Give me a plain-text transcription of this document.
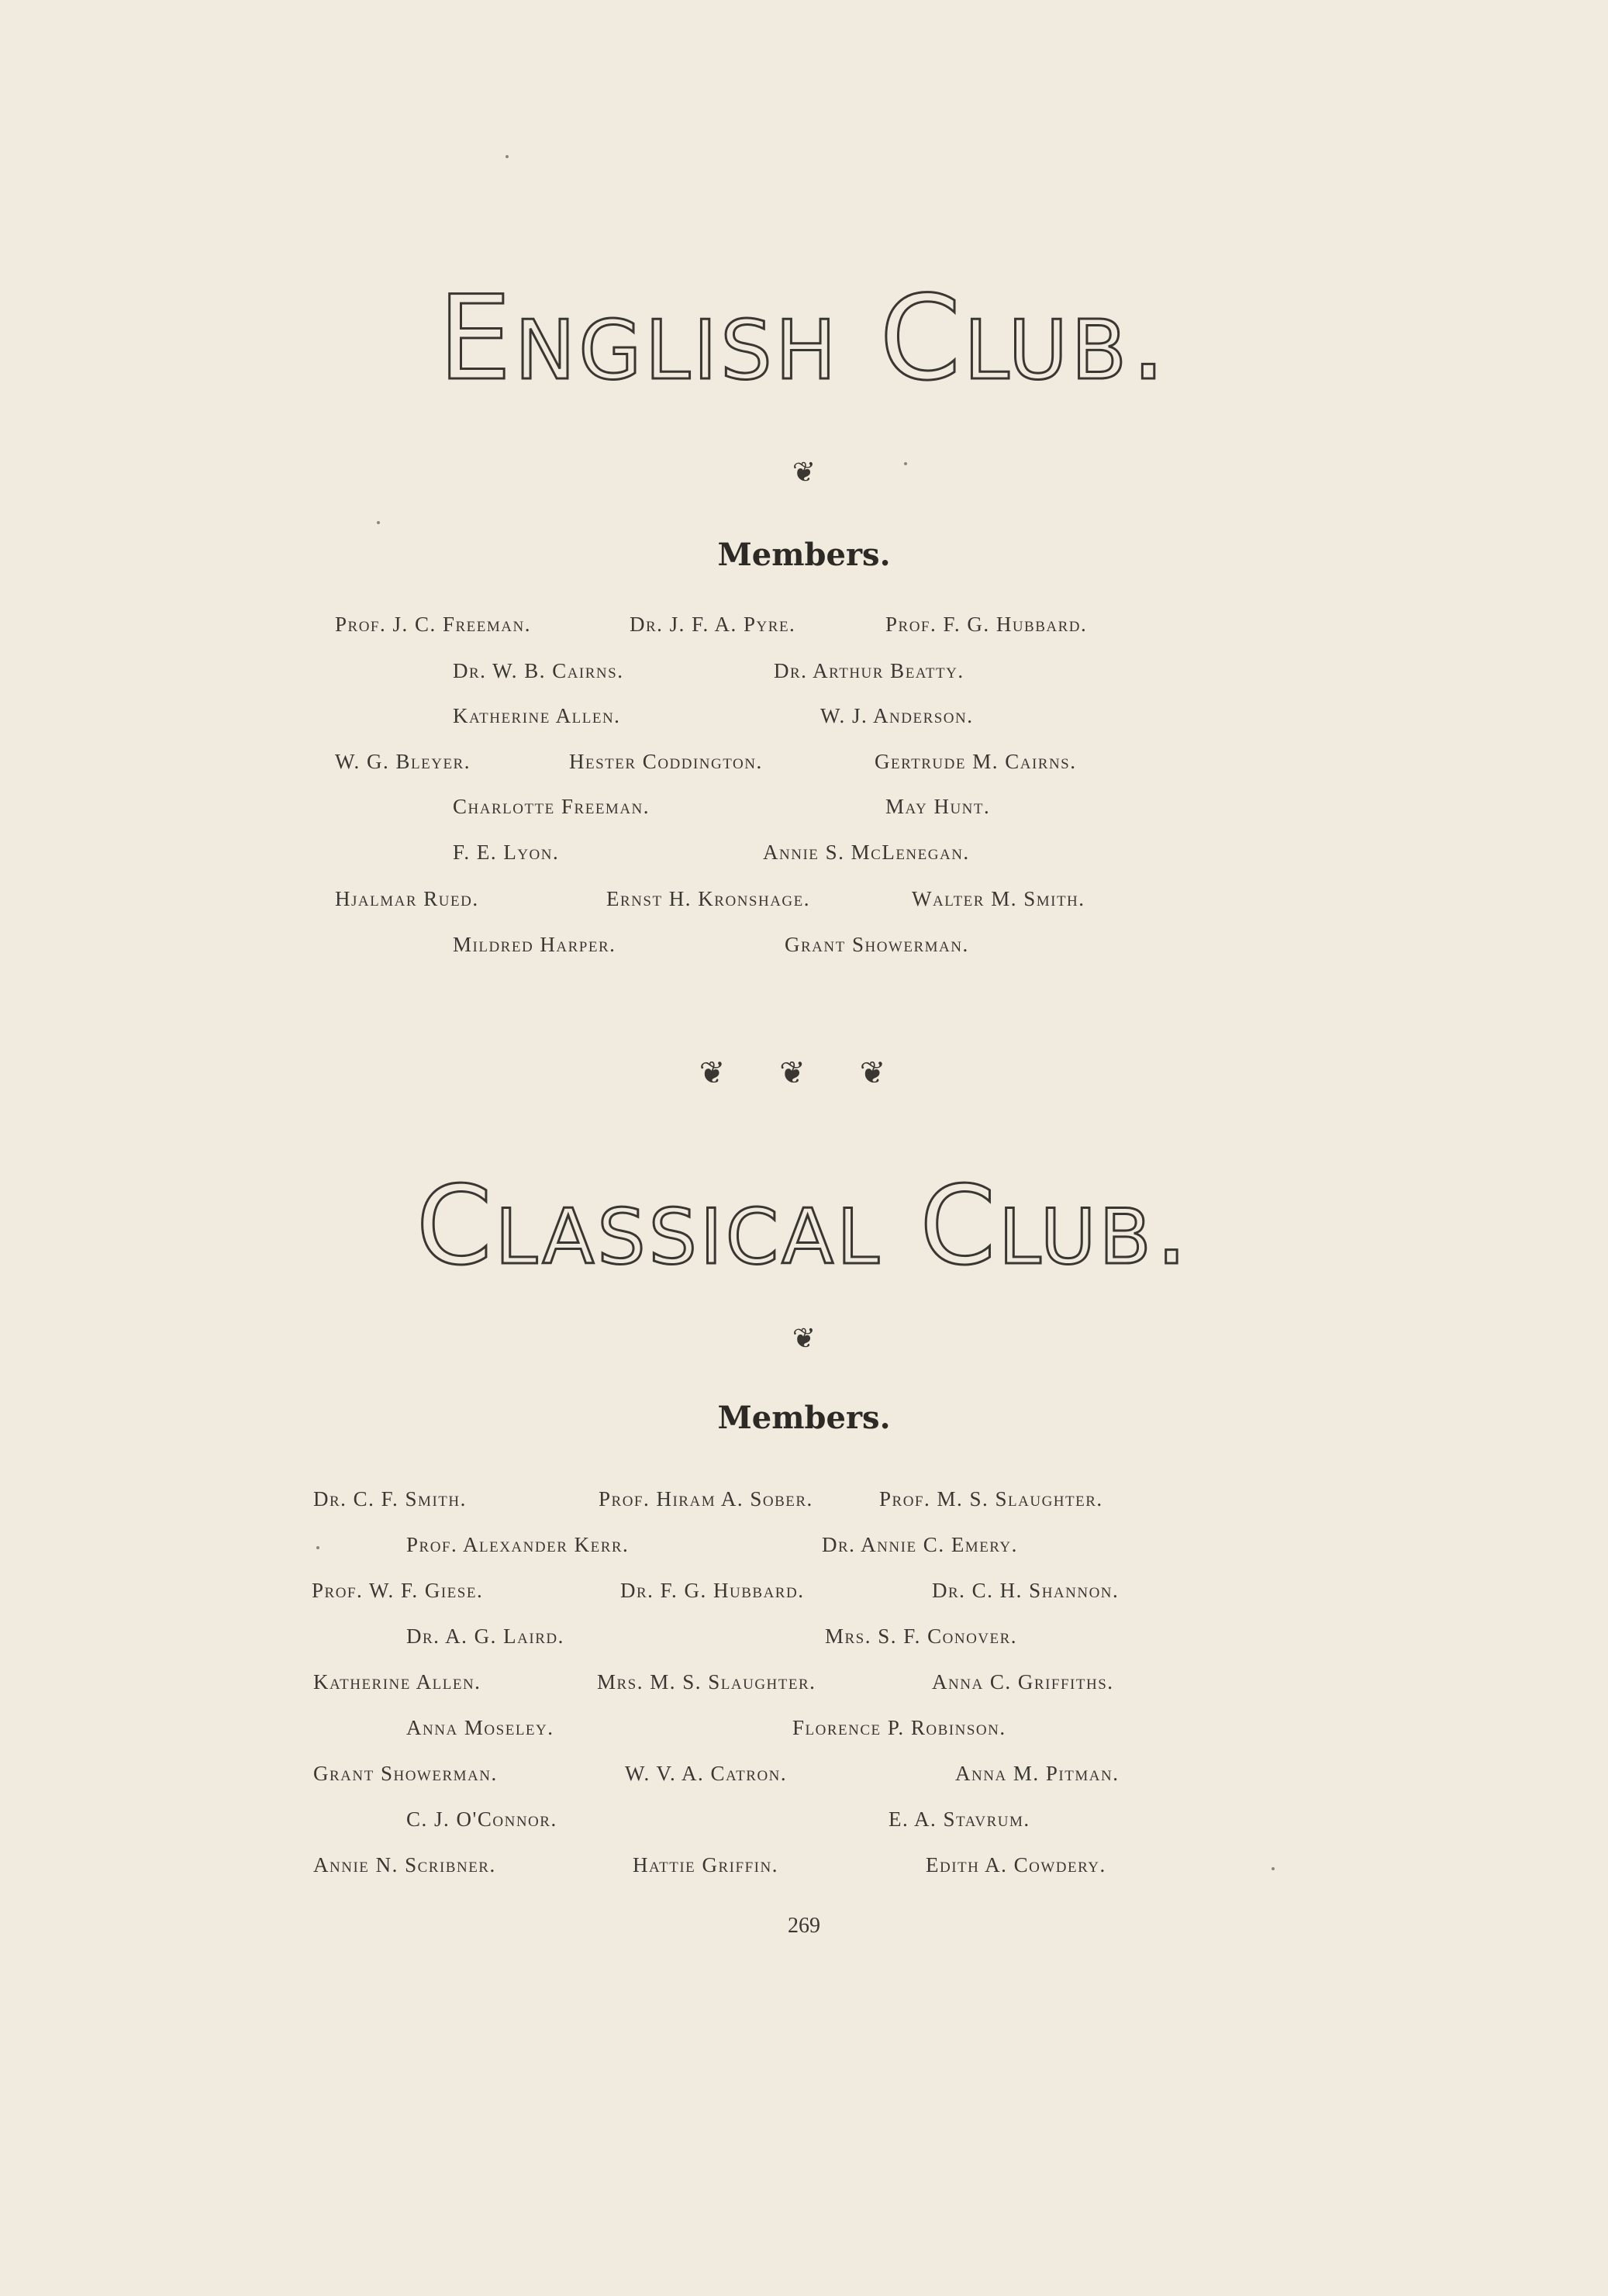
English Club.
❦
Members.
Prof. J. C. Freeman.	Dr. J. F. A. Pyre.	Prof. F. G. Hubbard.
Dr. W. B. Cairns.	Dr. Arthur Beatty.
Katherine Allen.	W. J. Anderson.
W. G. Bleyer.	Hester Coddington.	Gertrude M. Cairns.
Charlotte Freeman.	May Hunt.
F. E. Lyon.	Annie S. McLenegan.
Hjalmar Rued.	Ernst H. Kronshage.	Walter M. Smith.
Mildred Harper.	Grant Showerman.
❦ ❦ ❦
Classical Club.
❦
Members.
Dr. C. F. Smith.	Prof. Hiram A. Sober.	Prof. M. S. Slaughter.
Prof. Alexander Kerr.	Dr. Annie C. Emery.
Prof. W. F. Giese.	Dr. F. G. Hubbard.	Dr. C. H. Shannon.
Dr. A. G. Laird.	Mrs. S. F. Conover.
Katherine Allen.	Mrs. M. S. Slaughter.	Anna C. Griffiths.
Anna Moseley.	Florence P. Robinson.
Grant Showerman.	W. V. A. Catron.	Anna M. Pitman.
C. J. O'Connor.	E. A. Stavrum.
Annie N. Scribner.	Hattie Griffin.	Edith A. Cowdery.
269
